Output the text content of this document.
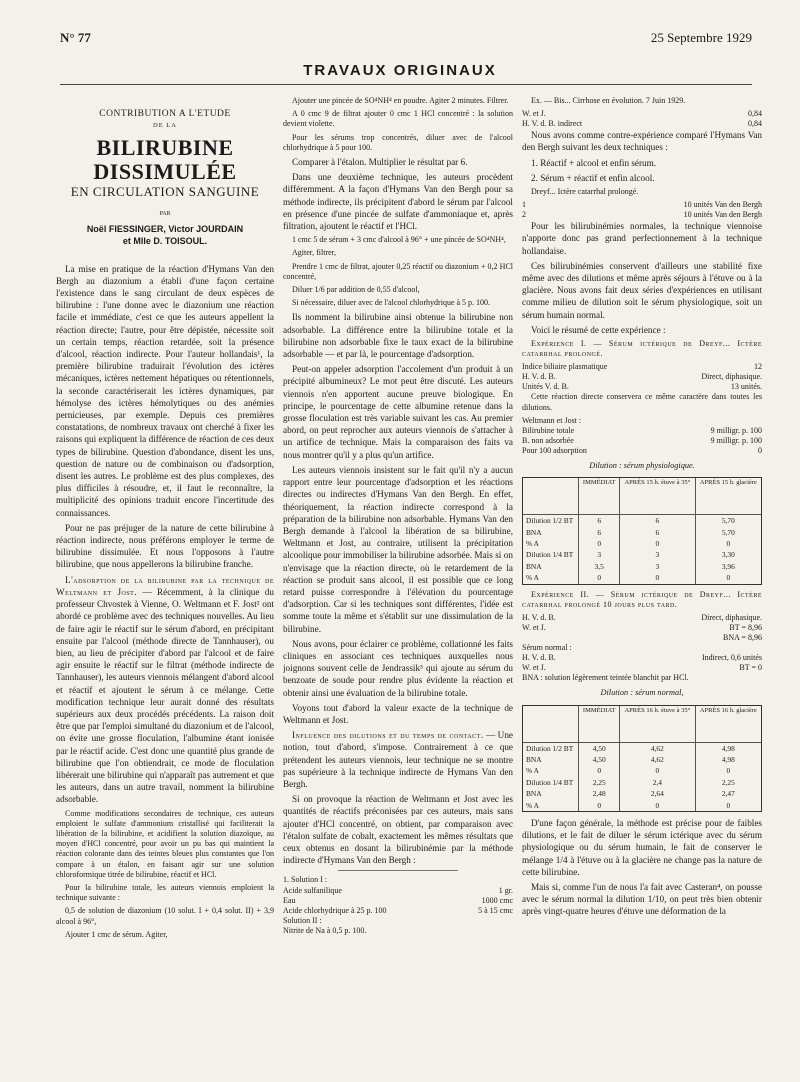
N° 77	25 Septembre 1929
TRAVAUX ORIGINAUX
CONTRIBUTION A L'ETUDE
DE LA
BILIRUBINE DISSIMULÉE
EN CIRCULATION SANGUINE
PAR
Noël FIESSINGER, Victor JOURDAIN
et Mlle D. TOISOUL.

La mise en pratique de la réaction d'Hymans Van den Bergh au diazonium a établi d'une façon certaine l'existence dans le sang circulant de deux espèces de bilirubine : l'une donne avec le diazonium une réaction facile et immédiate, c'est ce que les auteurs appellent la réaction directe; l'autre, pour être dépistée, nécessite soit un certain temps, réaction retardée, soit la présence d'alcool, réaction indirecte. Pour l'auteur hollandais¹, la première bilirubine traduirait l'évolution des ictères mécaniques, ictères nettement hépatiques ou rétentionnels, la seconde caractériserait les ictères dynamiques, par hémolyse des ictères hémolytiques ou des anémies pernicieuses, par exemple. Depuis ces premières constatations, de nombreux travaux ont cherché à fixer les raisons qui expliquent la différence de réaction de ces deux types de bilirubine. Question d'abondance, disent les uns, question de nature ou de combinaison ou d'adsorption, disent les autres. Le problème est des plus complexes, des plus difficiles à résoudre, et, il faut le reconnaître, la multiplicité des opinions traduit encore l'incertitude des connaissances.

Pour ne pas préjuger de la nature de cette bilirubine à réaction indirecte, nous préférons employer le terme de bilirubine dissimulée. Et nous l'opposons à l'autre bilirubine, que nous appellerons la bilirubine franche.

L'adsorption de la bilirubine par la technique de Weltmann et Jost. — Récemment, à la clinique du professeur Chvostek à Vienne, O. Weltmann et F. Jost² ont abordé ce problème avec des techniques nouvelles. Au lieu de faire agir le réactif sur le sérum d'abord, en précipitant ensuite par l'alcool (méthode directe de Tannhauser), ou bien, au lieu de précipiter d'abord par l'alcool et de faire agir ensuite le réactif sur le filtrat (méthode indirecte de Tannhauser), les auteurs viennois mélangent d'abord alcool et réactif et ajoutent le sérum à ce mélange. Cette modification technique leur aurait donné des résultats supérieurs aux deux procédés précédents. La raison doit être que par l'emploi simultané du diazonium et de l'alcool, on évite une grosse floculation, l'albumine étant ionisée par le réactif acide. C'est donc une quantité plus grande de bilirubine que l'on obtiendrait, ce mode de floculation libérerait une bilirubine qui n'apparaît pas autrement et que les auteurs, dans un autre travail, nomment la bilirubine adsorbable.

Comme modifications secondaires de technique, ces auteurs emploient le sulfate d'ammonium cristallisé qui faciliterait la libération de la bilirubine, et acidifient la solution diazoïque, au moyen d'HCl concentré, pour avoir un pu bas qui maintient la réaction colorante dans des teintes bleues plus constantes que l'on compare à un étalon, en faisant agir sur une solution chloroformique titrée de bilirubine, réactif et HCl.

Pour la bilirubine totale, les auteurs viennois emploient la technique suivante :

0,5 de solution de diazonium (10 solut. I + 0,4 solut. II) + 3,9 alcool à 96°,

Ajouter 1 cmc de sérum. Agiter,

Ajouter une pincée de SO⁴NH⁴ en poudre. Agiter 2 minutes. Filtrer.

A 0 cmc 9 de filtrat ajouter 0 cmc 1 HCl concentré : la solution devient violette.

Pour les sérums trop concentrés, diluer avec de l'alcool chlorhydrique à 5 pour 100.

Comparer à l'étalon. Multiplier le résultat par 6.

Dans une deuxième technique, les auteurs procèdent différemment. A la façon d'Hymans Van den Bergh pour sa méthode indirecte, ils précipitent d'abord le sérum par l'alcool en présence d'une pincée de sulfate d'ammoniaque et, après filtration, ajoutent le réactif et l'HCl.

1 cmc 5 de sérum + 3 cmc d'alcool à 96° + une pincée de SO⁴NH⁴,

Agiter, filtrer,

Prendre 1 cmc de filtrat, ajouter 0,25 réactif ou diazonium + 0,2 HCl concentré,

Diluer 1/6 par addition de 0,55 d'alcool,

Si nécessaire, diluer avec de l'alcool chlorhydrique à 5 p. 100.

Ils nomment la bilirubine ainsi obtenue la bilirubine non adsorbable. La différence entre la bilirubine totale et la bilirubine non adsorbable fixe le taux exact de la bilirubine adsorbable — et par là, le pourcentage d'adsorption.

Peut-on appeler adsorption l'accolement d'un produit à un précipité albumineux? Le mot peut être discuté. Les auteurs viennois n'en apportent aucune preuve biologique. En principe, le pourcentage de cette albumine retenue dans la grosse floculation est très variable suivant les cas. Au premier abord, on peut reprocher aux auteurs viennois de s'attacher à un artifice de technique. Mais la comparaison des faits va nous montrer qu'il y a plus qu'un artifice.

Les auteurs viennois insistent sur le fait qu'il n'y a aucun rapport entre leur pourcentage d'adsorption et les réactions directes ou indirectes d'Hymans Van den Bergh. En effet, théoriquement, la réaction indirecte correspond à la préparation de la bilirubine non adsorbable. Hymans Van den Bergh demande à l'alcool la libération de sa bilirubine, Weltmann et Jost, au contraire, utilisent la précipitation alcoolique pour immobiliser la bilirubine adsorbée. Mais si on n'envisage que la réaction directe, où le retardement de la réaction se produit sans alcool, il est possible que ce long retard puisse correspondre à l'élévation du pourcentage d'adsorption. Car si les techniques sont différentes, l'idée est somme toute la même et s'établit sur une dissimulation de la bilirubine.

Nous avons, pour éclairer ce problème, collationné les faits cliniques en associant ces techniques auxquelles nous joignons souvent celle de Jendrassik³ qui ajoute au sérum du benzoate de soude pour rendre plus évidente la réaction et obtenir ainsi une évaluation de la bilirubine totale.

Voyons tout d'abord la valeur exacte de la technique de Weltmann et Jost.

Influence des dilutions et du temps de contact. — Une notion, tout d'abord, s'impose. Contrairement à ce que prétendent les auteurs viennois, leur technique ne se montre pas supérieure à la technique indirecte de Hymans Van den Bergh.

Si on provoque la réaction de Weltmann et Jost avec les quantités de réactifs préconisées par ces auteurs, mais sans ajouter d'HCl concentré, on obtient, par comparaison avec l'étalon sulfate de cobalt, exactement les mêmes résultats que ceux obtenus en dosant la bilirubinémie par la méthode indirecte d'Hymans Van den Bergh :

1. Solution I :
Acide sulfanilique	1 gr.
Eau	1000 cmc
Acide chlorhydrique à 25 p. 100	5 à 15 cmc
Solution II :
Nitrite de Na à 0,5 p. 100.

Ex. — Bis... Cirrhose en évolution. 7 Juin 1929.

W. et J.	0,84
H. V. d. B. indirect	0,84

Nous avons comme contre-expérience comparé l'Hymans Van den Bergh suivant les deux techniques :

1. Réactif + alcool et enfin sérum.

2. Sérum + réactif et enfin alcool.

Dreyf... Ictère catarrhal prolongé.

1	10 unités Van den Bergh
2	10 unités Van den Bergh

Pour les bilirubinémies normales, la technique viennoise n'apporte donc pas grand perfectionnement à la technique hollandaise.

Ces bilirubinémies conservent d'ailleurs une stabilité fixe même avec des dilutions et même après séjours à l'étuve ou à la glacière. Nous avons fait deux séries d'expériences en utilisant comme milieu de dilution soit le sérum physiologique, soit un sérum humain normal.

Voici le résumé de cette expérience :

Expérience I. — Sérum ictérique de Dreyf... Ictère catarrhal prolongé.

Indice biliaire plasmatique	12
H. V. d. B.	Direct, diphasique.
Unités V. d. B.	13 unités.

Cette réaction directe conservera ce même caractère dans toutes les dilutions.

Weltmann et Jost :
Bilirubine totale	9 milligr. p. 100
B. non adsorbée	9 milligr. p. 100
Pour 100 adsorption	0
Dilution : sérum physiologique.
	IMMÉDIAT	APRÈS 15 h. étuve à 35°	APRÈS 15 h. glacière
Dilution 1/2 BT	6	6	5,70
BNA	6	6	5,70
% A	0	0	0
Dilution 1/4 BT	3	3	3,30
BNA	3,5	3	3,96
% A	0	0	0

Expérience II. — Sérum ictérique de Dreyf... Ictère catarrhal prolongé 10 jours plus tard.

H. V. d. B.	Direct, diphasique.
W. et J.	BT = 8,96
BNA = 8,96
Sérum normal :
H. V. d. B.	Indirect, 0,6 unités
W. et J.	BT = 0
BNA : solution légèrement teintée blanchit par HCl.
Dilution : sérum normal,
	IMMÉDIAT	APRÈS 16 h. étuve à 35°	APRÈS 16 h. glacière
Dilution 1/2 BT	4,50	4,62	4,98
BNA	4,50	4,62	4,98
% A	0	0	0
Dilution 1/4 BT	2,25	2,4	2,25
BNA	2,48	2,64	2,47
% A	0	0	0

D'une façon générale, la méthode est précise pour de faibles dilutions, et le fait de diluer le sérum ictérique avec du sérum physiologique ou du sérum humain, le fait de conserver le mélange 1/4 à l'étuve ou à la glacière ne change pas la nature de cette bilirubine.

Mais si, comme l'un de nous l'a fait avec Casteran⁴, on pousse avec le sérum normal la dilution 1/10, on peut très bien obtenir après vingt-quatre heures d'étuve une déformation de la
